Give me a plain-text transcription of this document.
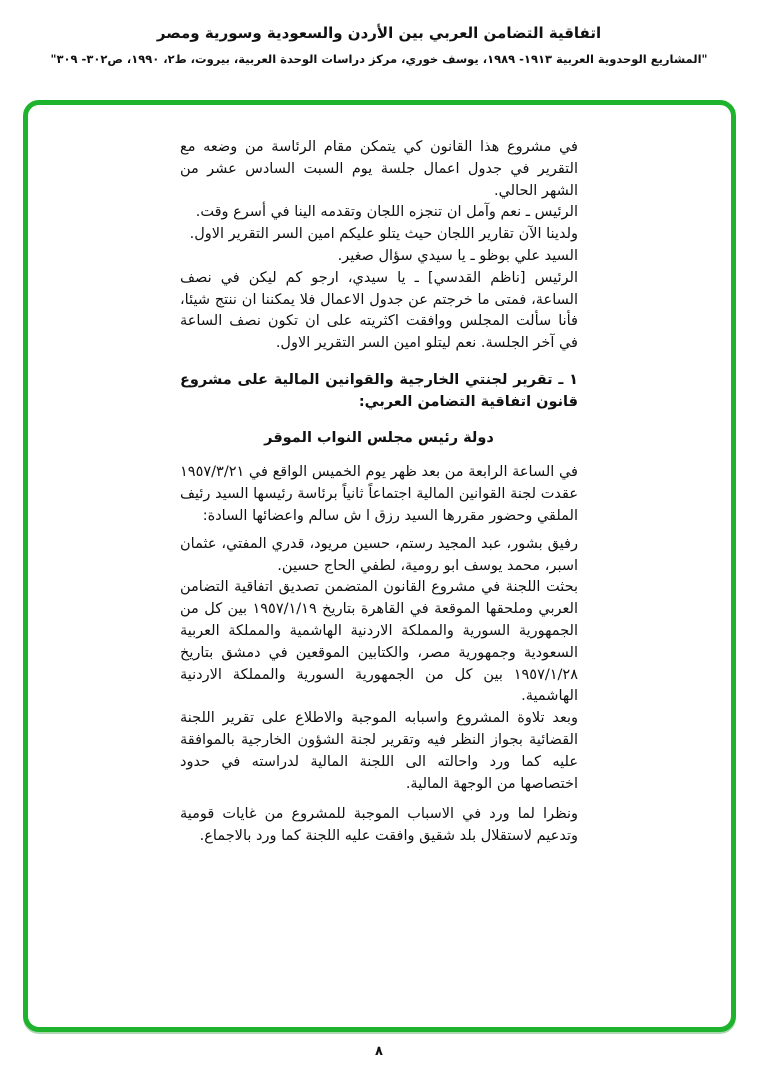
اتفاقية التضامن العربي بين الأردن والسعودية وسورية ومصر
"المشاريع الوحدوية العربية ١٩١٣- ١٩٨٩، يوسف خوري، مركز دراسات الوحدة العربية، بيروت، ط٢، ١٩٩٠، ص٣٠٢- ٣٠٩"

في مشروع هذا القانون كي يتمكن مقام الرئاسة من وضعه مع التقرير في جدول اعمال جلسة يوم السبت السادس عشر من الشهر الحالي.

الرئيس ـ نعم وآمل ان تنجزه اللجان وتقدمه الينا في أسرع وقت.

ولدينا الآن تقارير اللجان حيث يتلو عليكم امين السر التقرير الاول.

السيد علي بوظو ـ يا سيدي سؤال صغير.

الرئيس [ناظم القدسي] ـ يا سيدي، ارجو كم ليكن في نصف الساعة، فمتى ما خرجتم عن جدول الاعمال فلا يمكننا ان ننتج شيئا، فأنا سألت المجلس ووافقت اكثريته على ان تكون نصف الساعة في آخر الجلسة. نعم ليتلو امين السر التقرير الاول.

١ ـ تقرير لجنتي الخارجية والقوانين المالية على مشروع قانون اتفاقية التضامن العربي:

دولة رئيس مجلس النواب الموقر

في الساعة الرابعة من بعد ظهر يوم الخميس الواقع في ١٩٥٧/٣/٢١ عقدت لجنة القوانين المالية اجتماعاً ثانياً برئاسة رئيسها السيد رئيف الملقي وحضور مقررها السيد رزق ا ش سالم واعضائها السادة:

رفيق بشور، عبد المجيد رستم، حسين مريود، قدري المفتي، عثمان اسبر، محمد يوسف ابو رومية، لطفي الحاج حسين.

بحثت اللجنة في مشروع القانون المتضمن تصديق اتفاقية التضامن العربي وملحقها الموقعة في القاهرة بتاريخ ١٩٥٧/١/١٩ بين كل من الجمهورية السورية والمملكة الاردنية الهاشمية والمملكة العربية السعودية وجمهورية مصر، والكتابين الموقعين في دمشق بتاريخ ١٩٥٧/١/٢٨ بين كل من الجمهورية السورية والمملكة الاردنية الهاشمية.

وبعد تلاوة المشروع واسبابه الموجبة والاطلاع على تقرير اللجنة القضائية بجواز النظر فيه وتقرير لجنة الشؤون الخارجية بالموافقة عليه كما ورد واحالته الى اللجنة المالية لدراسته في حدود اختصاصها من الوجهة المالية.

ونظرا لما ورد في الاسباب الموجبة للمشروع من غايات قومية وتدعيم لاستقلال بلد شقيق وافقت عليه اللجنة كما ورد بالاجماع.

٨
